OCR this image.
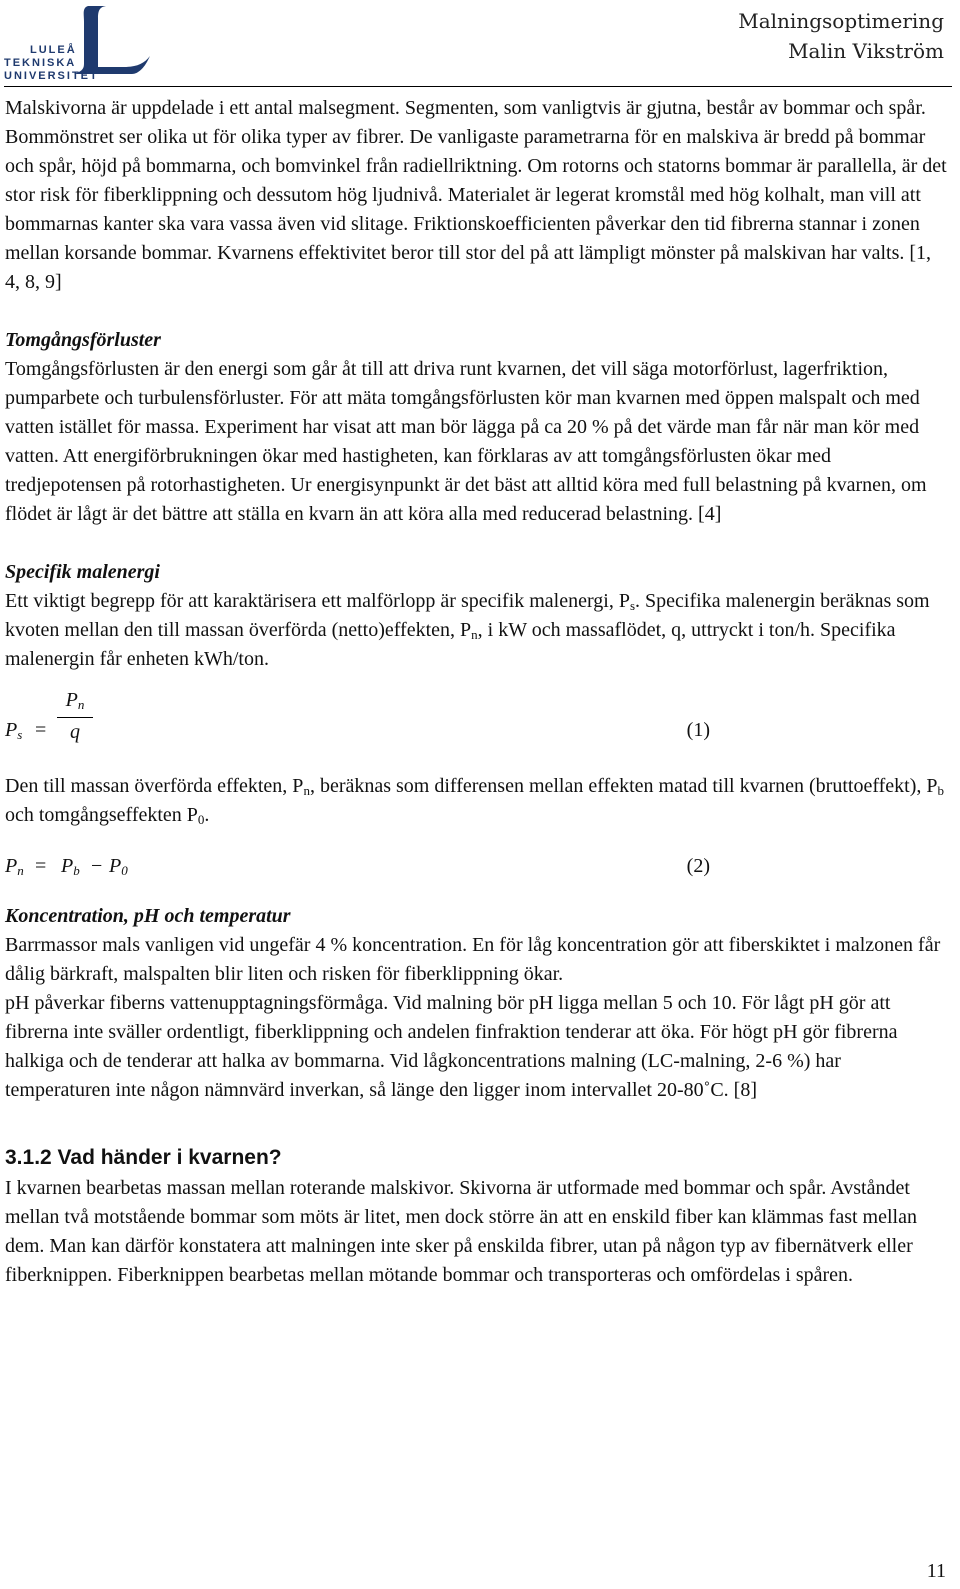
LULEÅ
TEKNISKA
UNIVERSITET
Malningsoptimering
Malin Vikström

Malskivorna är uppdelade i ett antal malsegment. Segmenten, som vanligtvis är gjutna, består av bommar och spår. Bommönstret ser olika ut för olika typer av fibrer. De vanligaste parametrarna för en malskiva är bredd på bommar och spår, höjd på bommarna, och bomvinkel från radiellriktning. Om rotorns och statorns bommar är parallella, är det stor risk för fiberklippning och dessutom hög ljudnivå. Materialet är legerat kromstål med hög kolhalt, man vill att bommarnas kanter ska vara vassa även vid slitage. Friktionskoefficienten påverkar den tid fibrerna stannar i zonen mellan korsande bommar. Kvarnens effektivitet beror till stor del på att lämpligt mönster på malskivan har valts. [1, 4, 8, 9]

Tomgångsförluster

Tomgångsförlusten är den energi som går åt till att driva runt kvarnen, det vill säga motorförlust, lagerfriktion, pumparbete och turbulensförluster. För att mäta tomgångsförlusten kör man kvarnen med öppen malspalt och med vatten istället för massa. Experiment har visat att man bör lägga på ca 20 % på det värde man får när man kör med vatten. Att energiförbrukningen ökar med hastigheten, kan förklaras av att tomgångsförlusten ökar med tredjepotensen på rotorhastigheten. Ur energisynpunkt är det bäst att alltid köra med full belastning på kvarnen, om flödet är lågt är det bättre att ställa en kvarn än att köra alla med reducerad belastning. [4]

Specifik malenergi

Ett viktigt begrepp för att karaktärisera ett malförlopp är specifik malenergi, $P_s$. Specifika malenergin beräknas som kvoten mellan den till massan överförda (netto)effekten, $P_n$, i kW och massaflödet, q, uttryckt i ton/h. Specifika malenergin får enheten kWh/ton.

$P_s = \frac{P_n}{q}$	(1)

Den till massan överförda effekten, $P_n$, beräknas som differensen mellan effekten matad till kvarnen (bruttoeffekt), $P_b$ och tomgångseffekten $P_0$.

$P_n = P_b - P_0$	(2)

Koncentration, pH och temperatur

Barrmassor mals vanligen vid ungefär 4 % koncentration. En för låg koncentration gör att fiberskiktet i malzonen får dålig bärkraft, malspalten blir liten och risken för fiberklippning ökar.

pH påverkar fiberns vattenupptagningsförmåga. Vid malning bör pH ligga mellan 5 och 10. För lågt pH gör att fibrerna inte sväller ordentligt, fiberklippning och andelen finfraktion tenderar att öka. För högt pH gör fibrerna halkiga och de tenderar att halka av bommarna. Vid lågkoncentrations malning (LC-malning, 2-6 %) har temperaturen inte någon nämnvärd inverkan, så länge den ligger inom intervallet 20-80˚C. [8]

3.1.2 Vad händer i kvarnen?

I kvarnen bearbetas massan mellan roterande malskivor. Skivorna är utformade med bommar och spår. Avståndet mellan två motstående bommar som möts är litet, men dock större än att en enskild fiber kan klämmas fast mellan dem. Man kan därför konstatera att malningen inte sker på enskilda fibrer, utan på någon typ av fibernätverk eller fiberknippen. Fiberknippen bearbetas mellan mötande bommar och transporteras och omfördelas i spåren.

11
